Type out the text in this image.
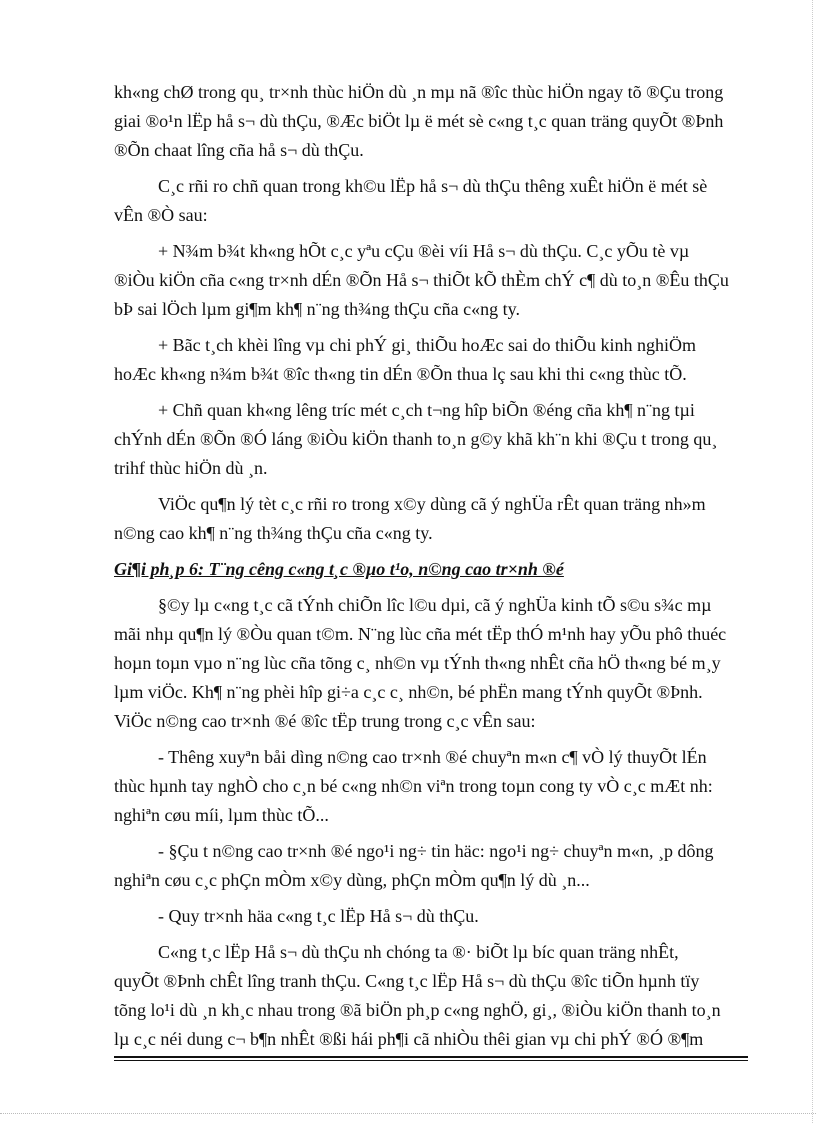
kh«ng chØ trong qu¸ tr×nh thùc hiÖn dù ¸n mµ nã ®îc thùc hiÖn ngay tõ ®Çu trong

giai ®o¹n lËp hå s¬ dù thÇu, ®Æc biÖt lµ ë mét sè c«ng t¸c quan träng quyÕt ®Þnh

®Õn chaat lîng cña hå s¬ dù thÇu.

C¸c rñi ro chñ quan trong kh©u lËp hå s¬ dù thÇu thêng xuÊt hiÖn ë mét sè

vÊn ®Ò sau:

+ N¾m b¾t kh«ng hÕt c¸c yªu cÇu ®èi víi Hå s¬ dù thÇu. C¸c yÕu tè vµ

®iÒu kiÖn cña c«ng tr×nh dÉn ®Õn Hå s¬ thiÕt kÕ thÈm chÝ c¶ dù to¸n ®Êu thÇu

bÞ sai lÖch lµm gi¶m kh¶ n¨ng th¾ng thÇu cña c«ng ty.

+ Bãc t¸ch khèi lîng vµ chi phÝ gi¸ thiÕu hoÆc sai do thiÕu kinh nghiÖm

hoÆc kh«ng n¾m b¾t ®îc th«ng tin dÉn ®Õn thua lç sau khi thi c«ng thùc tÕ.

+ Chñ quan kh«ng lêng tríc mét c¸ch t¬ng hîp biÕn ®éng cña kh¶ n¨ng tµi

chÝnh dÉn ®Õn ®Ó láng ®iÒu kiÖn thanh to¸n g©y khã kh¨n khi ®Çu t trong qu¸

trihf thùc hiÖn dù ¸n.

ViÖc qu¶n lý tèt c¸c rñi ro trong x©y dùng cã ý nghÜa rÊt quan träng nh»m

n©ng cao kh¶ n¨ng th¾ng thÇu cña c«ng ty.

Gi¶i ph¸p 6: T¨ng cêng c«ng t¸c ®µo t¹o, n©ng cao tr×nh ®é

§©y lµ c«ng t¸c cã tÝnh chiÕn lîc l©u dµi, cã ý nghÜa kinh tÕ s©u s¾c mµ

mãi nhµ qu¶n lý ®Òu quan t©m. N¨ng lùc cña mét tËp thÓ m¹nh hay yÕu phô thuéc

hoµn toµn vµo n¨ng lùc cña tõng c¸ nh©n vµ tÝnh th«ng nhÊt cña hÖ th«ng bé m¸y

lµm viÖc. Kh¶ n¨ng phèi hîp gi÷a c¸c c¸ nh©n, bé phËn mang tÝnh quyÕt ®Þnh.

ViÖc n©ng cao tr×nh ®é ®îc tËp trung trong c¸c vÊn sau:

- Thêng xuyªn båi dìng n©ng cao tr×nh ®é chuyªn m«n c¶ vÒ lý thuyÕt lÉn

thùc hµnh tay nghÒ cho c¸n bé c«ng nh©n viªn trong toµn cong ty vÒ c¸c mÆt nh:

nghiªn cøu míi, lµm thùc tÕ...

- §Çu t n©ng cao tr×nh ®é ngo¹i ng÷ tin häc: ngo¹i ng÷ chuyªn m«n, ¸p dông

nghiªn cøu c¸c phÇn mÒm x©y dùng, phÇn mÒm qu¶n lý dù ¸n...

- Quy tr×nh häa c«ng t¸c lËp Hå s¬ dù thÇu.

C«ng t¸c lËp Hå s¬ dù thÇu nh chóng ta ®· biÕt lµ bíc quan träng nhÊt,

quyÕt ®Þnh chÊt lîng tranh thÇu. C«ng t¸c lËp Hå s¬ dù thÇu ®îc tiÕn hµnh tïy

tõng lo¹i dù ¸n kh¸c nhau trong ®ã biÖn ph¸p c«ng nghÖ, gi¸, ®iÒu kiÖn thanh to¸n

lµ c¸c néi dung c¬ b¶n nhÊt ®ßi hái ph¶i cã nhiÒu thêi gian vµ chi phÝ ®Ó ®¶m
